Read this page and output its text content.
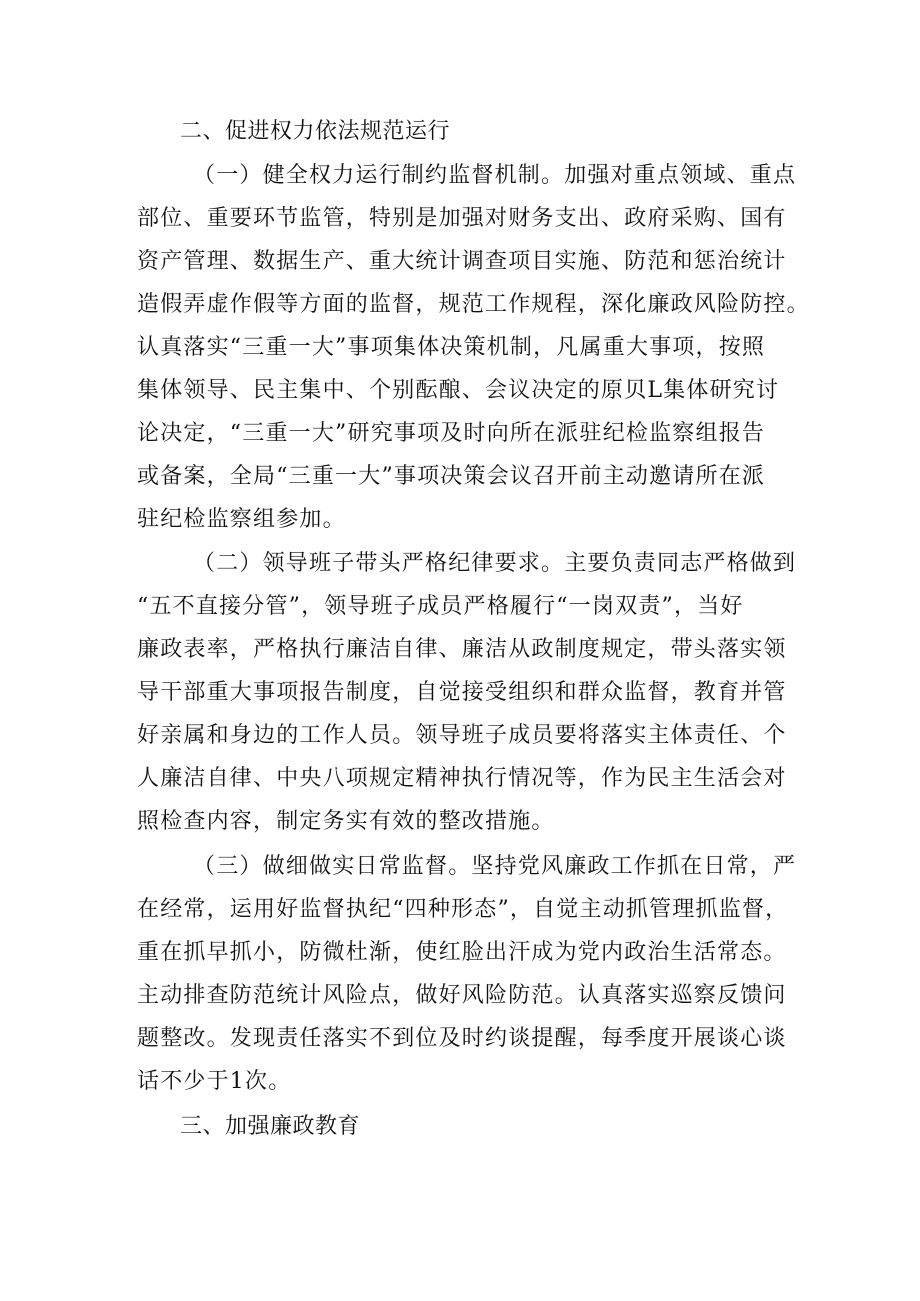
二、促进权力依法规范运行
（一）健全权力运行制约监督机制。加强对重点领域、重点
部位、重要环节监管，特别是加强对财务支出、政府采购、国有
资产管理、数据生产、重大统计调查项目实施、防范和惩治统计
造假弄虚作假等方面的监督，规范工作规程，深化廉政风险防控。
认真落实“三重一大”事项集体决策机制，凡属重大事项，按照
集体领导、民主集中、个别酝酿、会议决定的原贝L集体研究讨
论决定，“三重一大”研究事项及时向所在派驻纪检监察组报告
或备案，全局“三重一大”事项决策会议召开前主动邀请所在派
驻纪检监察组参加。
（二）领导班子带头严格纪律要求。主要负责同志严格做到
“五不直接分管”，领导班子成员严格履行“一岗双责”，当好
廉政表率，严格执行廉洁自律、廉洁从政制度规定，带头落实领
导干部重大事项报告制度，自觉接受组织和群众监督，教育并管
好亲属和身边的工作人员。领导班子成员要将落实主体责任、个
人廉洁自律、中央八项规定精神执行情况等，作为民主生活会对
照检查内容，制定务实有效的整改措施。
（三）做细做实日常监督。坚持党风廉政工作抓在日常，严
在经常，运用好监督执纪“四种形态”，自觉主动抓管理抓监督，
重在抓早抓小，防微杜渐，使红脸出汗成为党内政治生活常态。
主动排查防范统计风险点，做好风险防范。认真落实巡察反馈问
题整改。发现责任落实不到位及时约谈提醒，每季度开展谈心谈
话不少于1次。
三、加强廉政教育
